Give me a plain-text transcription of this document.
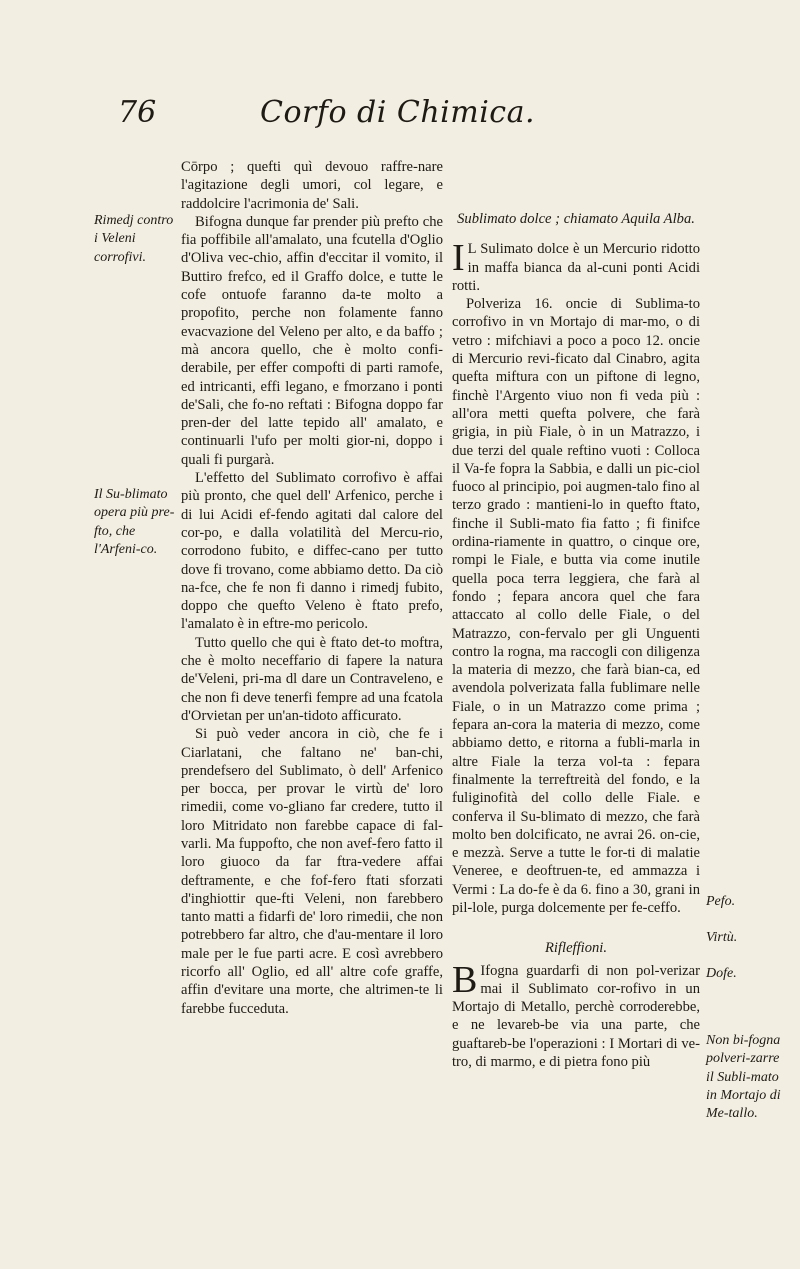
76	Corfo di Chimica.

Cōrpo ; quefti quì devouo raffre-nare l'agitazione degli umori, col legare, e raddolcire l'acrimonia de' Sali.

Bifogna dunque far prender più prefto che fia poffibile all'amalato, una fcutella d'Oglio d'Oliva vec-chio, affin d'eccitar il vomito, il Buttiro frefco, ed il Graffo dolce, e tutte le cofe ontuofe faranno da-te molto a propofito, perche non folamente fanno evacvazione del Veleno per alto, e da baffo ; mà ancora quello, che è molto confi-derabile, per effer compofti di parti ramofe, ed intricanti, effi legano, e fmorzano i ponti de'Sali, che fo-no reftati : Bifogna doppo far pren-der del latte tepido all' amalato, e continuarli l'ufo per molti gior-ni, doppo i quali fi purgarà.

L'effetto del Sublimato corrofivo è affai più pronto, che quel dell' Arfenico, perche i di lui Acidi ef-fendo agitati dal calore del cor-po, e dalla volatilità del Mercu-rio, corrodono fubito, e diffec-cano per tutto dove fi trovano, come abbiamo detto. Da ciò na-fce, che fe non fi danno i rimedj fubito, doppo che quefto Veleno è ftato prefo, l'amalato è in eftre-mo pericolo.

Tutto quello che qui è ftato det-to moftra, che è molto neceffario di fapere la natura de'Veleni, pri-ma dl dare un Contraveleno, e che non fi deve tenerfi fempre ad una fcatola d'Orvietan per un'an-tidoto afficurato.

Si può veder ancora in ciò, che fe i Ciarlatani, che faltano ne' ban-chi, prendefsero del Sublimato, ò dell' Arfenico per bocca, per provar le virtù de' loro rimedii, come vo-gliano far credere, tutto il loro Mitridato non farebbe capace di fal-varli. Ma fuppofto, che non avef-fero fatto il loro giuoco da far ftra-vedere affai deftramente, e che fof-fero ftati sforzati d'inghiottir que-fti Veleni, non farebbero tanto matti a fidarfi de' loro rimedii, che non potrebbero far altro, che d'au-mentare il loro male per le fue parti acre. E così avrebbero ricorfo all' Oglio, ed all' altre cofe graffe, affin d'evitare una morte, che altrimen-te li farebbe fucceduta.

Rimedj contro i Veleni corrofivi.
Il Su-blimato opera più pre-fto, che l'Arfeni-co.

Sublimato dolce ; chiamato Aquila Alba.

IL Sulimato dolce è un Mercurio ridotto in maffa bianca da al-cuni ponti Acidi rotti.

Polveriza 16. oncie di Sublima-to corrofivo in vn Mortajo di mar-mo, o di vetro : mifchiavi a poco a poco 12. oncie di Mercurio revi-ficato dal Cinabro, agita quefta miftura con un piftone di legno, finchè l'Argento viuo non fi veda più : all'ora metti quefta polvere, che farà grigia, in più Fiale, ò in un Matrazzo, i due terzi del quale reftino vuoti : Colloca il Va-fe fopra la Sabbia, e dalli un pic-ciol fuoco al principio, poi augmen-talo fino al terzo grado : mantieni-lo in quefto ftato, finche il Subli-mato fia fatto ; fi finifce ordina-riamente in quattro, o cinque ore, rompi le Fiale, e butta via come inutile quella poca terra leggiera, che farà al fondo ; fepara ancora quel che fara attaccato al collo delle Fiale, o del Matrazzo, con-fervalo per gli Unguenti contro la rogna, ma raccogli con diligenza la materia di mezzo, che farà bian-ca, ed avendola polverizata falla fublimare nelle Fiale, o in un Matrazzo come prima ; fepara an-cora la materia di mezzo, come abbiamo detto, e ritorna a fubli-marla in altre Fiale la terza vol-ta : fepara finalmente la terreftreità del fondo, e la fuliginofità del collo delle Fiale. e conferva il Su-blimato di mezzo, che farà molto ben dolcificato, ne avrai 26. on-cie, e mezzà. Serve a tutte le for-ti di malatie Veneree, e deoftruen-te, ed ammazza i Vermi : La do-fe è da 6. fino a 30, grani in pil-lole, purga dolcemente per fe-ceffo.

Rifleffioni.

BIfogna guardarfi di non pol-verizar mai il Sublimato cor-rofivo in un Mortajo di Metallo, perchè corroderebbe, e ne levareb-be via una parte, che guaftareb-be l'operazioni : I Mortari di ve-tro, di marmo, e di pietra fono più

Pefo.
Virtù.
Dofe.
Non bi-fogna polveri-zarre il Subli-mato in Mortajo di Me-tallo.
